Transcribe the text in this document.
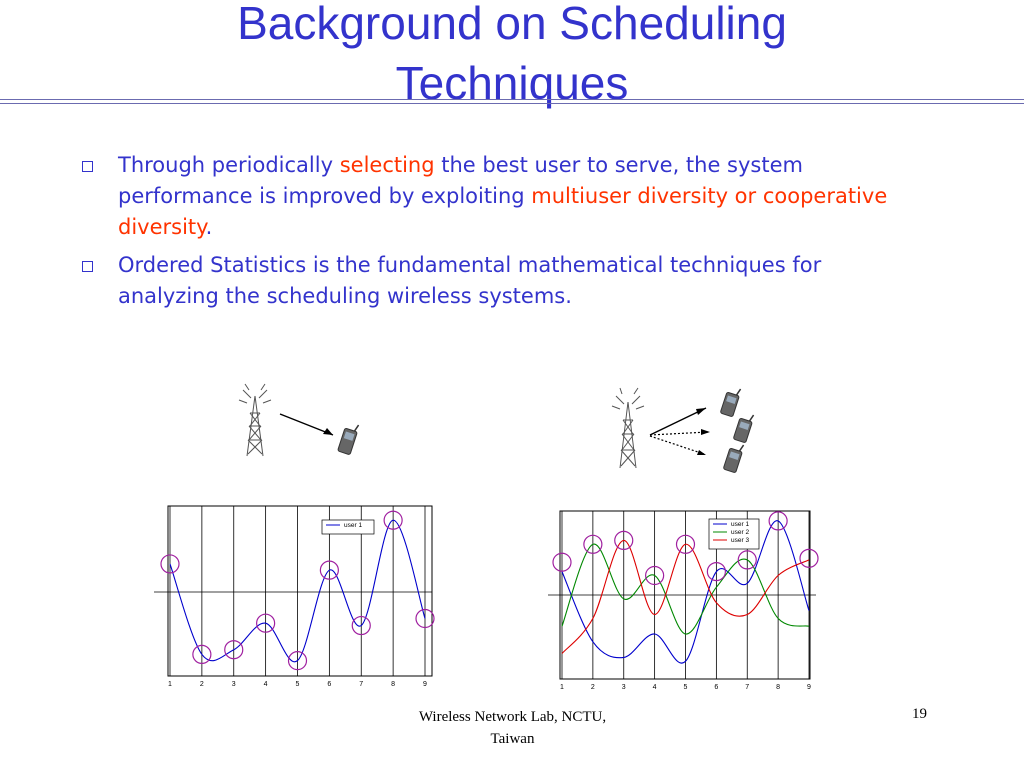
Background on Scheduling
Techniques
Through periodically selecting the best user to serve, the system performance is improved by exploiting multiuser diversity or cooperative diversity.
Ordered Statistics is the fundamental mathematical techniques for analyzing the scheduling wireless systems.
1	2	3	4	5	6	7	8	9
user 1
1	2	3	4	5	6	7	8	9
user 1
user 2
user 3
Wireless Network Lab, NCTU,
Taiwan
19
